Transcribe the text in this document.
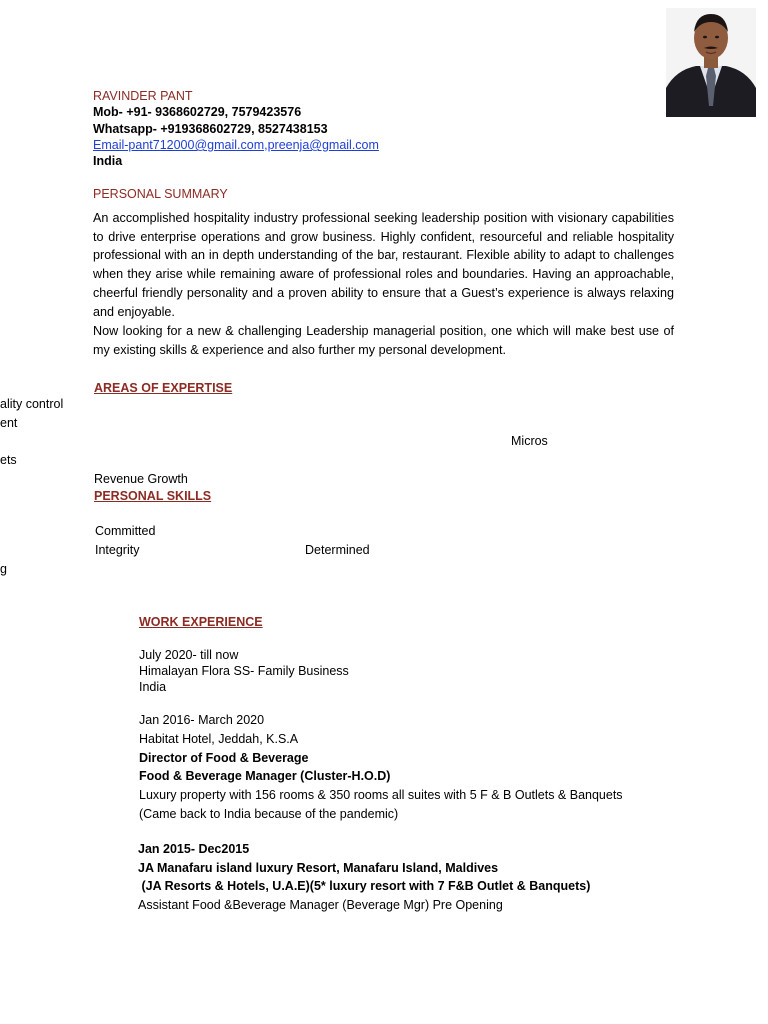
RAVINDER PANT
Mob- +91- 9368602729, 7579423576
Whatsapp- +919368602729, 8527438153
Email-pant712000@gmail.com,preenja@gmail.com
India
PERSONAL SUMMARY
An accomplished hospitality industry professional seeking leadership position with visionary capabilities to drive enterprise operations and grow business. Highly confident, resourceful and reliable hospitality professional with an in depth understanding of the bar, restaurant. Flexible ability to adapt to challenges when they arise while remaining aware of professional roles and boundaries. Having an approachable, cheerful friendly personality and a proven ability to ensure that a Guest’s experience is always relaxing and enjoyable.
Now looking for a new & challenging Leadership managerial position, one which will make best use of my existing skills & experience and also further my personal development.
AREAS OF EXPERTISE
ality control
ent
ets
Micros
Revenue Growth
PERSONAL SKILLS
Committed
Integrity	Determined
g
WORK EXPERIENCE
July 2020- till now
Himalayan Flora SS- Family Business
India
Jan 2016- March 2020
Habitat Hotel, Jeddah, K.S.A
Director of Food & Beverage
Food & Beverage Manager (Cluster-H.O.D)
Luxury property with 156 rooms & 350 rooms all suites with 5 F & B Outlets & Banquets
(Came back to India because of the pandemic)
Jan 2015- Dec2015
JA Manafaru island luxury Resort, Manafaru Island, Maldives
(JA Resorts & Hotels, U.A.E)(5* luxury resort with 7 F&B Outlet & Banquets)
Assistant Food &Beverage Manager (Beverage Mgr) Pre Opening
